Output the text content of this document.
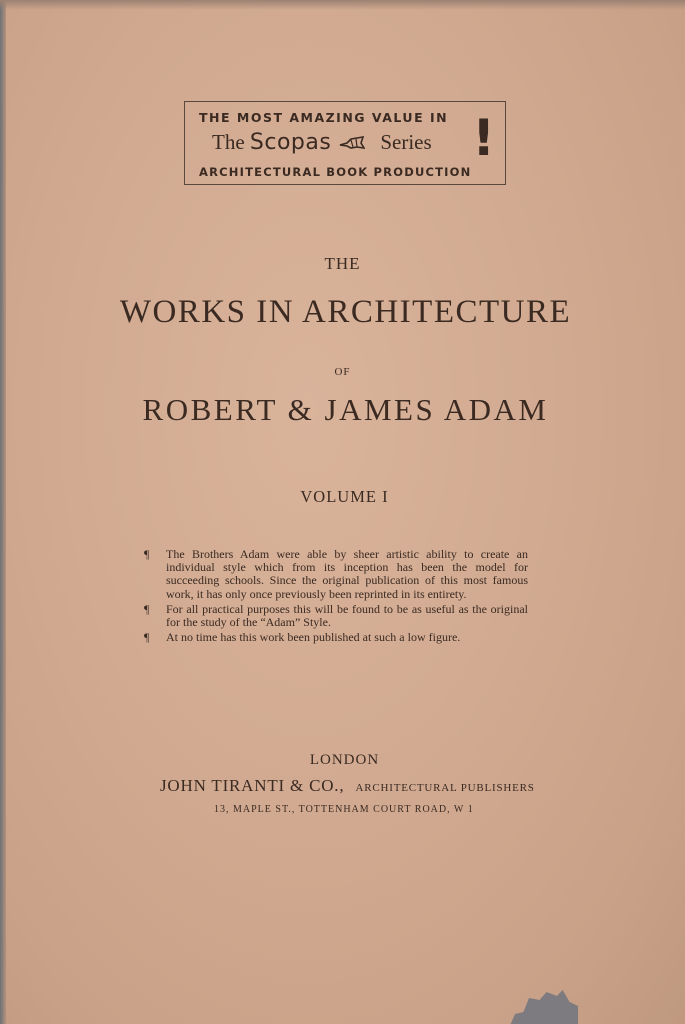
THE MOST AMAZING VALUE IN
The Scopas Series
ARCHITECTURAL BOOK PRODUCTION
!
THE
WORKS IN ARCHITECTURE
OF
ROBERT & JAMES ADAM
VOLUME I
¶ The Brothers Adam were able by sheer artistic ability to create an individual style which from its inception has been the model for succeeding schools. Since the original publication of this most famous work, it has only once previously been reprinted in its entirety.
¶ For all practical purposes this will be found to be as useful as the original for the study of the “Adam” Style.
¶ At no time has this work been published at such a low figure.
LONDON
JOHN TIRANTI & CO., ARCHITECTURAL PUBLISHERS
13, MAPLE ST., TOTTENHAM COURT ROAD, W 1
